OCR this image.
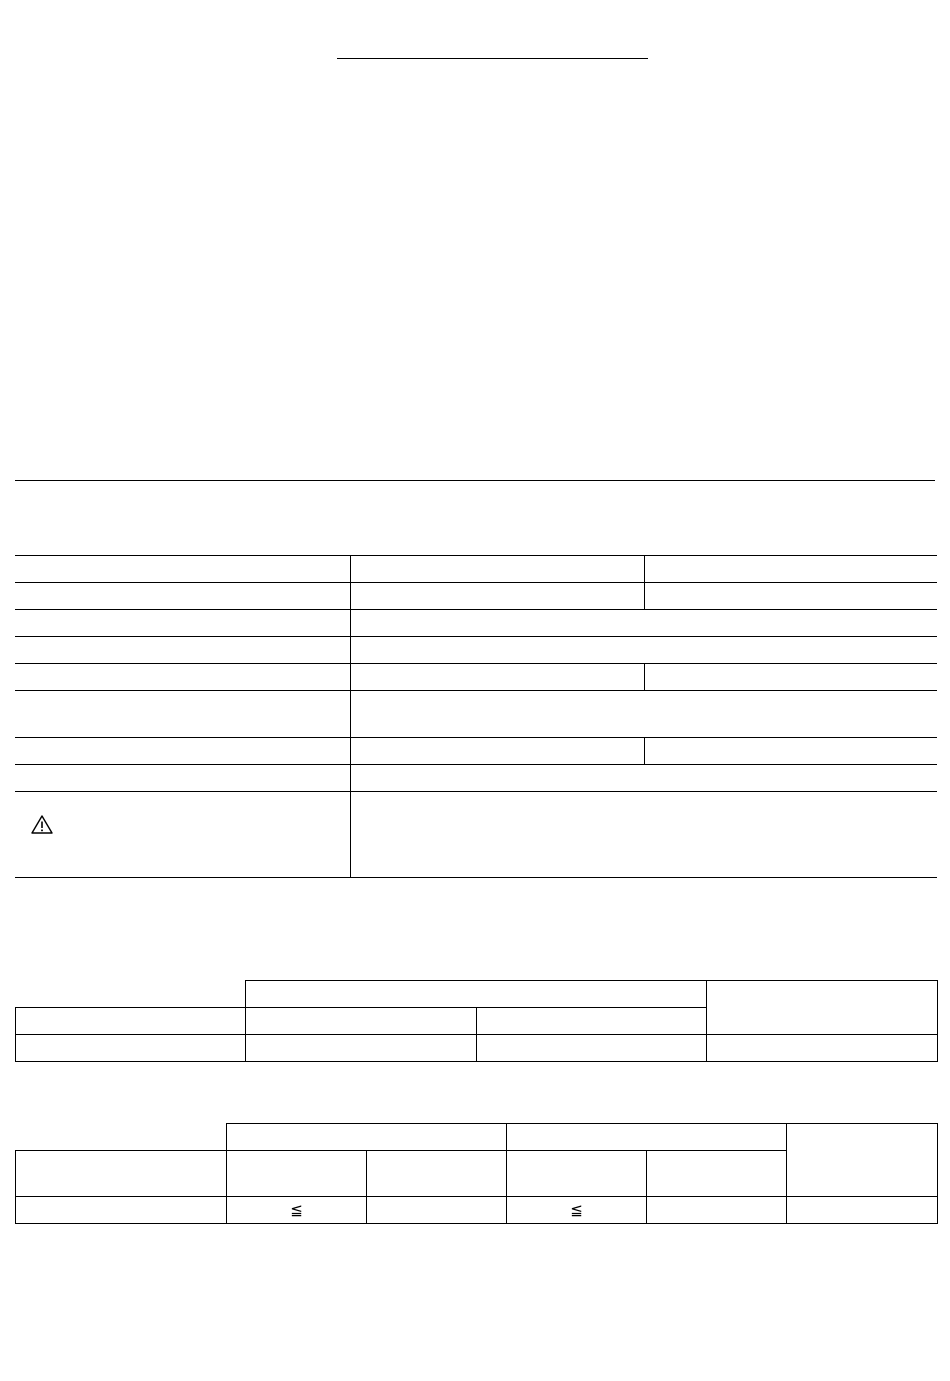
	≦		≦		
